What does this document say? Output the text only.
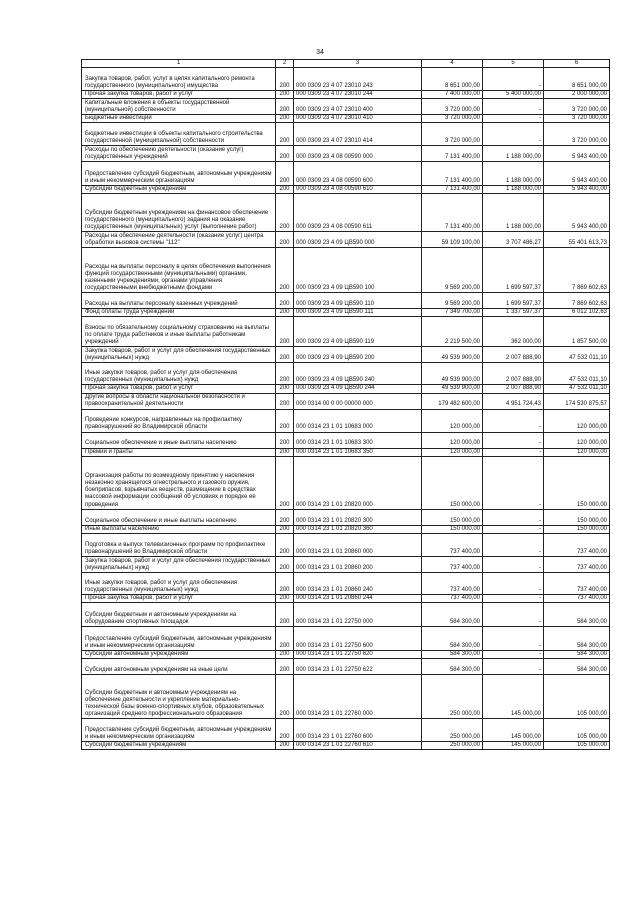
34
1	2	3	4	5	6
Закупка товаров, работ, услуг в целях капитального ремонта государственного (муниципального) имущества	200	000 0309 23 4 07 23010 243	8 651 000,00	-	8 651 000,00
Прочая закупка товаров, работ и услуг	200	000 0309 23 4 07 23010 244	7 400 000,00	5 400 000,00	2 000 000,00
Капитальные вложения в объекты государственной (муниципальной) собственности	200	000 0309 23 4 07 23010 400	3 720 000,00	-	3 720 000,00
Бюджетные инвестиции	200	000 0309 23 4 07 23010 410	3 720 000,00	-	3 720 000,00
Бюджетные инвестиции в объекты капитального строительства государственной (муниципальной) собственности	200	000 0309 23 4 07 23010 414	3 720 000,00	-	3 720 000,00
Расходы по обеспечению деятельности (оказание услуг) государственных учреждений	200	000 0309 23 4 08 00590 000	7 131 400,00	1 188 000,00	5 943 400,00
Предоставление субсидий бюджетным, автономным учреждениям и иным некоммерческим организациям	200	000 0309 23 4 08 00590 600	7 131 400,00	1 188 000,00	5 943 400,00
Субсидии бюджетным учреждениям	200	000 0309 23 4 08 00590 610	7 131 400,00	1 188 000,00	5 943 400,00
Субсидии бюджетным учреждениям на финансовое обеспечение государственного (муниципального) задания на оказание государственных (муниципальных) услуг (выполнение работ)	200	000 0309 23 4 08 00590 611	7 131 400,00	1 188 000,00	5 943 400,00
Расходы на обеспечение деятельности (оказание услуг) центра обработки вызовов системы "112"	200	000 0309 23 4 09 ЦВ590 000	59 109 100,00	3 707 486,27	55 401 613,73
Расходы на выплаты персоналу в целях обеспечения выполнения функций государственными (муниципальными) органами, казенными учреждениями, органами управления государственными внебюджетными фондами	200	000 0309 23 4 09 ЦВ590 100	9 569 200,00	1 699 597,37	7 869 602,63
Расходы на выплаты персоналу казенных учреждений	200	000 0309 23 4 09 ЦВ590 110	9 569 200,00	1 699 597,37	7 869 602,63
Фонд оплаты труда учреждений	200	000 0309 23 4 09 ЦВ590 111	7 349 700,00	1 337 597,37	6 012 102,63
Взносы по обязательному социальному страхованию на выплаты по оплате труда работников и иные выплаты работникам учреждений	200	000 0309 23 4 09 ЦВ590 119	2 219 500,00	362 000,00	1 857 500,00
Закупка товаров, работ и услуг для обеспечения государственных (муниципальных) нужд	200	000 0309 23 4 09 ЦВ590 200	49 539 900,00	2 007 888,90	47 532 011,10
Иные закупки товаров, работ и услуг для обеспечения государственных (муниципальных) нужд	200	000 0309 23 4 09 ЦВ590 240	49 539 900,00	2 007 888,90	47 532 011,10
Прочая закупка товаров, работ и услуг	200	000 0309 23 4 09 ЦВ590 244	49 539 900,00	2 007 888,90	47 532 011,10
Другие вопросы в области национальной безопасности и правоохранительной деятельности	200	000 0314 00 0 00 00000 000	179 482 600,00	4 951 724,43	174 530 875,57
Проведение конкурсов, направленных на профилактику правонарушений во Владимирской области	200	000 0314 23 1 01 10683 000	120 000,00	-	120 000,00
Социальное обеспечение и иные выплаты населению	200	000 0314 23 1 01 10683 300	120 000,00	-	120 000,00
Премии и гранты	200	000 0314 23 1 01 10683 350	120 000,00	-	120 000,00
Организация работы по возмездному принятию у населения незаконно хранящегося огнестрельного и газового оружия, боеприпасов, взрывчатых веществ, размещение в средствах массовой информации сообщений об условиях и порядке ее проведения	200	000 0314 23 1 01 20820 000	150 000,00	-	150 000,00
Социальное обеспечение и иные выплаты населению	200	000 0314 23 1 01 20820 300	150 000,00	-	150 000,00
Иные выплаты населению	200	000 0314 23 1 01 20820 360	150 000,00	-	150 000,00
Подготовка и выпуск телевизионных программ по профилактике правонарушений во Владимирской области	200	000 0314 23 1 01 20860 000	737 400,00	-	737 400,00
Закупка товаров, работ и услуг для обеспечения государственных (муниципальных) нужд	200	000 0314 23 1 01 20860 200	737 400,00	-	737 400,00
Иные закупки товаров, работ и услуг для обеспечения государственных (муниципальных) нужд	200	000 0314 23 1 01 20860 240	737 400,00	-	737 400,00
Прочая закупка товаров, работ и услуг	200	000 0314 23 1 01 20860 244	737 400,00	-	737 400,00
Субсидии бюджетным и автономным учреждениям на оборудование спортивных площадок	200	000 0314 23 1 01 22750 000	584 300,00	-	584 300,00
Предоставление субсидий бюджетным, автономным учреждениям и иным некоммерческим организациям	200	000 0314 23 1 01 22750 600	584 300,00	-	584 300,00
Субсидии автономным учреждениям	200	000 0314 23 1 01 22750 620	584 300,00	-	584 300,00
Субсидии автономным учреждениям на иные цели	200	000 0314 23 1 01 22750 622	584 300,00	-	584 300,00
Субсидии бюджетным и автономным учреждениям на обеспечение деятельности и укрепление материально-технической базы военно-спортивных клубов, образовательных организаций среднего профессионального образования	200	000 0314 23 1 01 22760 000	250 000,00	145 000,00	105 000,00
Предоставление субсидий бюджетным, автономным учреждениям и иным некоммерческим организациям	200	000 0314 23 1 01 22760 600	250 000,00	145 000,00	105 000,00
Субсидии бюджетным учреждениям	200	000 0314 23 1 01 22760 610	250 000,00	145 000,00	105 000,00
